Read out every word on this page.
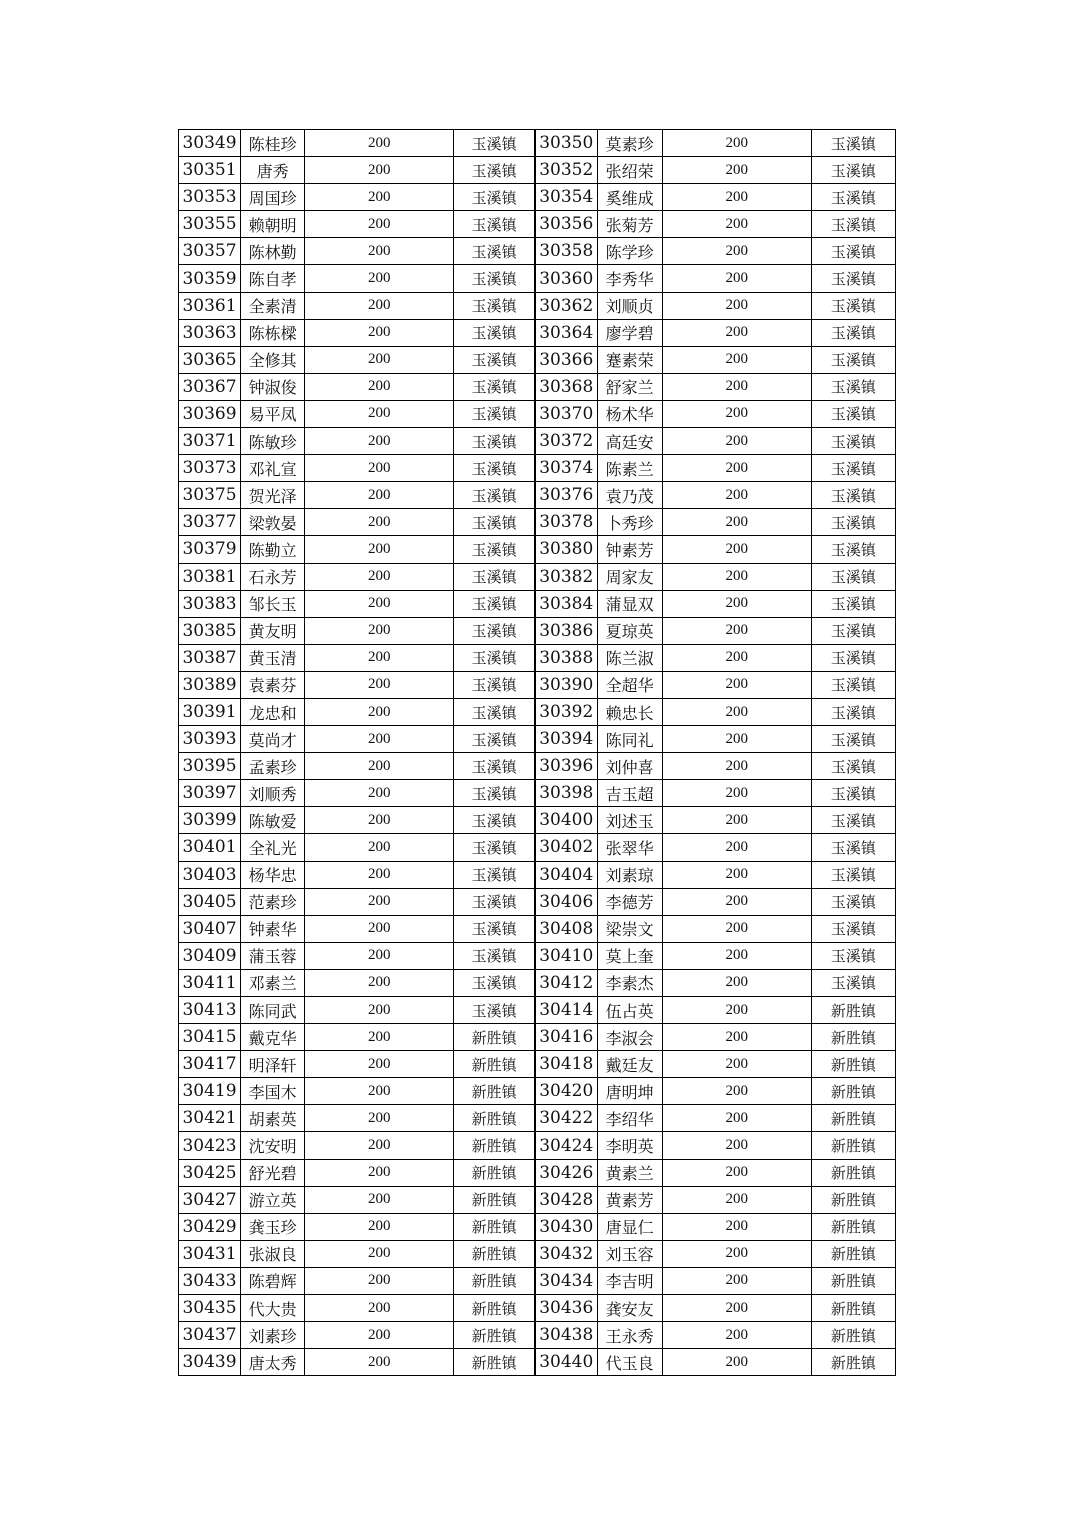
30349	陈桂珍	200	玉溪镇	30350	莫素珍	200	玉溪镇
30351	唐秀	200	玉溪镇	30352	张绍荣	200	玉溪镇
30353	周国珍	200	玉溪镇	30354	奚维成	200	玉溪镇
30355	赖朝明	200	玉溪镇	30356	张菊芳	200	玉溪镇
30357	陈林勤	200	玉溪镇	30358	陈学珍	200	玉溪镇
30359	陈自孝	200	玉溪镇	30360	李秀华	200	玉溪镇
30361	全素清	200	玉溪镇	30362	刘顺贞	200	玉溪镇
30363	陈栋樑	200	玉溪镇	30364	廖学碧	200	玉溪镇
30365	全修其	200	玉溪镇	30366	蹇素荣	200	玉溪镇
30367	钟淑俊	200	玉溪镇	30368	舒家兰	200	玉溪镇
30369	易平凤	200	玉溪镇	30370	杨术华	200	玉溪镇
30371	陈敏珍	200	玉溪镇	30372	高廷安	200	玉溪镇
30373	邓礼宣	200	玉溪镇	30374	陈素兰	200	玉溪镇
30375	贺光泽	200	玉溪镇	30376	袁乃茂	200	玉溪镇
30377	梁敦晏	200	玉溪镇	30378	卜秀珍	200	玉溪镇
30379	陈勤立	200	玉溪镇	30380	钟素芳	200	玉溪镇
30381	石永芳	200	玉溪镇	30382	周家友	200	玉溪镇
30383	邹长玉	200	玉溪镇	30384	蒲显双	200	玉溪镇
30385	黄友明	200	玉溪镇	30386	夏琼英	200	玉溪镇
30387	黄玉清	200	玉溪镇	30388	陈兰淑	200	玉溪镇
30389	袁素芬	200	玉溪镇	30390	全超华	200	玉溪镇
30391	龙忠和	200	玉溪镇	30392	赖忠长	200	玉溪镇
30393	莫尚才	200	玉溪镇	30394	陈同礼	200	玉溪镇
30395	孟素珍	200	玉溪镇	30396	刘仲喜	200	玉溪镇
30397	刘顺秀	200	玉溪镇	30398	吉玉超	200	玉溪镇
30399	陈敏爱	200	玉溪镇	30400	刘述玉	200	玉溪镇
30401	全礼光	200	玉溪镇	30402	张翠华	200	玉溪镇
30403	杨华忠	200	玉溪镇	30404	刘素琼	200	玉溪镇
30405	范素珍	200	玉溪镇	30406	李德芳	200	玉溪镇
30407	钟素华	200	玉溪镇	30408	梁崇文	200	玉溪镇
30409	蒲玉蓉	200	玉溪镇	30410	莫上奎	200	玉溪镇
30411	邓素兰	200	玉溪镇	30412	李素杰	200	玉溪镇
30413	陈同武	200	玉溪镇	30414	伍占英	200	新胜镇
30415	戴克华	200	新胜镇	30416	李淑会	200	新胜镇
30417	明泽轩	200	新胜镇	30418	戴廷友	200	新胜镇
30419	李国木	200	新胜镇	30420	唐明坤	200	新胜镇
30421	胡素英	200	新胜镇	30422	李绍华	200	新胜镇
30423	沈安明	200	新胜镇	30424	李明英	200	新胜镇
30425	舒光碧	200	新胜镇	30426	黄素兰	200	新胜镇
30427	游立英	200	新胜镇	30428	黄素芳	200	新胜镇
30429	龚玉珍	200	新胜镇	30430	唐显仁	200	新胜镇
30431	张淑良	200	新胜镇	30432	刘玉容	200	新胜镇
30433	陈碧辉	200	新胜镇	30434	李吉明	200	新胜镇
30435	代大贵	200	新胜镇	30436	龚安友	200	新胜镇
30437	刘素珍	200	新胜镇	30438	王永秀	200	新胜镇
30439	唐太秀	200	新胜镇	30440	代玉良	200	新胜镇
